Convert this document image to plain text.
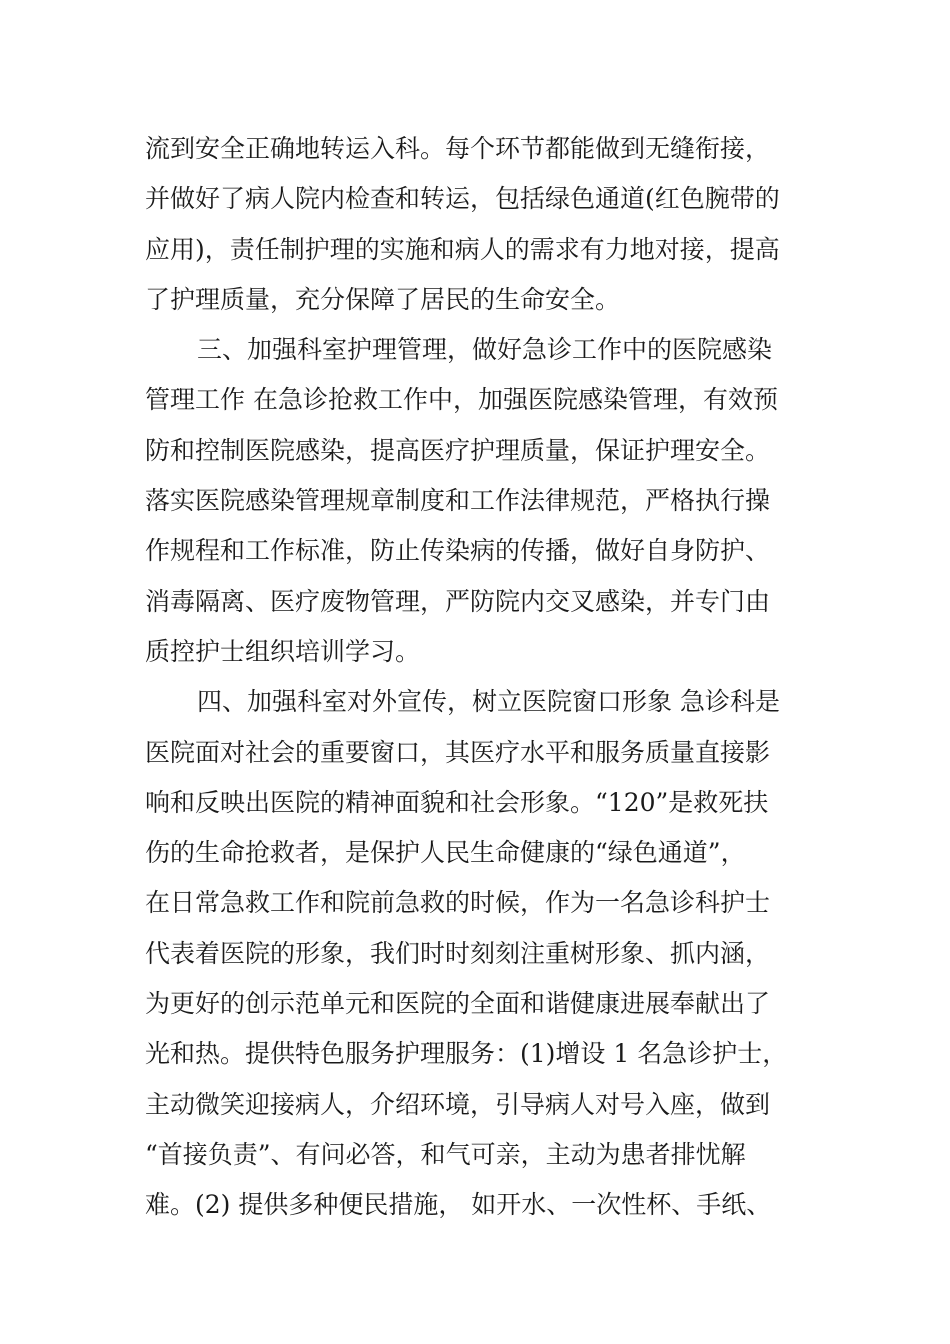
流到安全正确地转运入科。每个环节都能做到无缝衔接，
并做好了病人院内检查和转运，包括绿色通道(红色腕带的
应用)，责任制护理的实施和病人的需求有力地对接，提高
了护理质量，充分保障了居民的生命安全。
三、加强科室护理管理，做好急诊工作中的医院感染
管理工作 在急诊抢救工作中，加强医院感染管理，有效预
防和控制医院感染，提高医疗护理质量，保证护理安全。
落实医院感染管理规章制度和工作法律规范，严格执行操
作规程和工作标准，防止传染病的传播，做好自身防护、
消毒隔离、医疗废物管理，严防院内交叉感染，并专门由
质控护士组织培训学习。
四、加强科室对外宣传，树立医院窗口形象 急诊科是
医院面对社会的重要窗口，其医疗水平和服务质量直接影
响和反映出医院的精神面貌和社会形象。“120”是救死扶
伤的生命抢救者，是保护人民生命健康的“绿色通道”，
在日常急救工作和院前急救的时候，作为一名急诊科护士
代表着医院的形象，我们时时刻刻注重树形象、抓内涵，
为更好的创示范单元和医院的全面和谐健康进展奉献出了
光和热。提供特色服务护理服务：(1)增设 1 名急诊护士，
主动微笑迎接病人，介绍环境，引导病人对号入座，做到
“首接负责”、有问必答，和气可亲，主动为患者排忧解
难。(2) 提供多种便民措施， 如开水、一次性杯、手纸、
